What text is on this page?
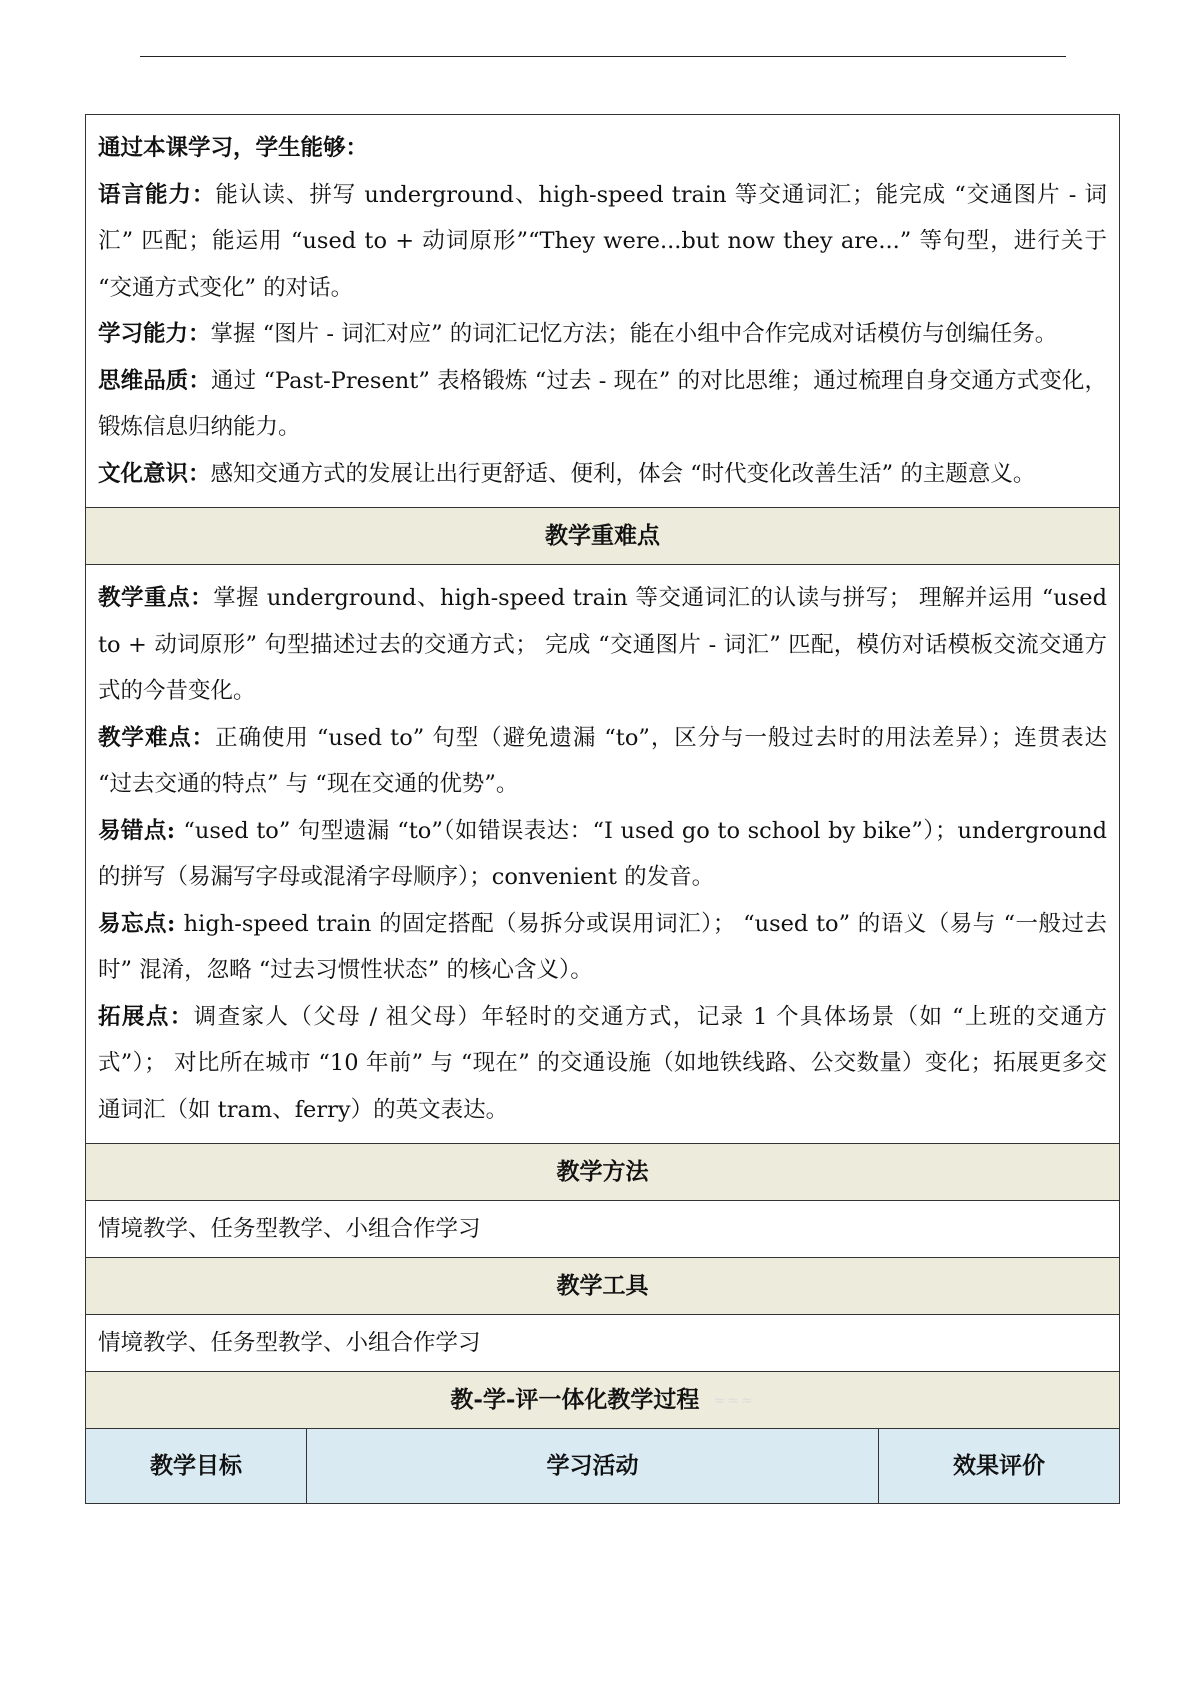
通过本课学习，学生能够：

语言能力：能认读、拼写 underground、high-speed train 等交通词汇；能完成 “交通图片 - 词汇” 匹配；能运用 “used to + 动词原形”“They were...but now they are...” 等句型，进行关于 “交通方式变化” 的对话。

学习能力：掌握 “图片 - 词汇对应” 的词汇记忆方法；能在小组中合作完成对话模仿与创编任务。

思维品质：通过 “Past-Present” 表格锻炼 “过去 - 现在” 的对比思维；通过梳理自身交通方式变化，锻炼信息归纳能力。

文化意识：感知交通方式的发展让出行更舒适、便利，体会 “时代变化改善生活” 的主题意义。

教学重难点

教学重点：掌握 underground、high-speed train 等交通词汇的认读与拼写； 理解并运用 “used to + 动词原形” 句型描述过去的交通方式； 完成 “交通图片 - 词汇” 匹配，模仿对话模板交流交通方式的今昔变化。

教学难点：正确使用 “used to” 句型（避免遗漏 “to”，区分与一般过去时的用法差异）；连贯表达 “过去交通的特点” 与 “现在交通的优势”。

易错点: “used to” 句型遗漏 “to”（如错误表达：“I used go to school by bike”）；underground 的拼写（易漏写字母或混淆字母顺序）；convenient 的发音。

易忘点: high-speed train 的固定搭配（易拆分或误用词汇）； “used to” 的语义（易与 “一般过去时” 混淆，忽略 “过去习惯性状态” 的核心含义）。

拓展点：调查家人（父母 / 祖父母）年轻时的交通方式，记录 1 个具体场景（如 “上班的交通方式”）； 对比所在城市 “10 年前” 与 “现在” 的交通设施（如地铁线路、公交数量）变化；拓展更多交通词汇（如 tram、ferry）的英文表达。

教学方法
情境教学、任务型教学、小组合作学习
教学工具
情境教学、任务型教学、小组合作学习
教-学-评一体化教学过程 ≈≈≈
教学目标	学习活动	效果评价
